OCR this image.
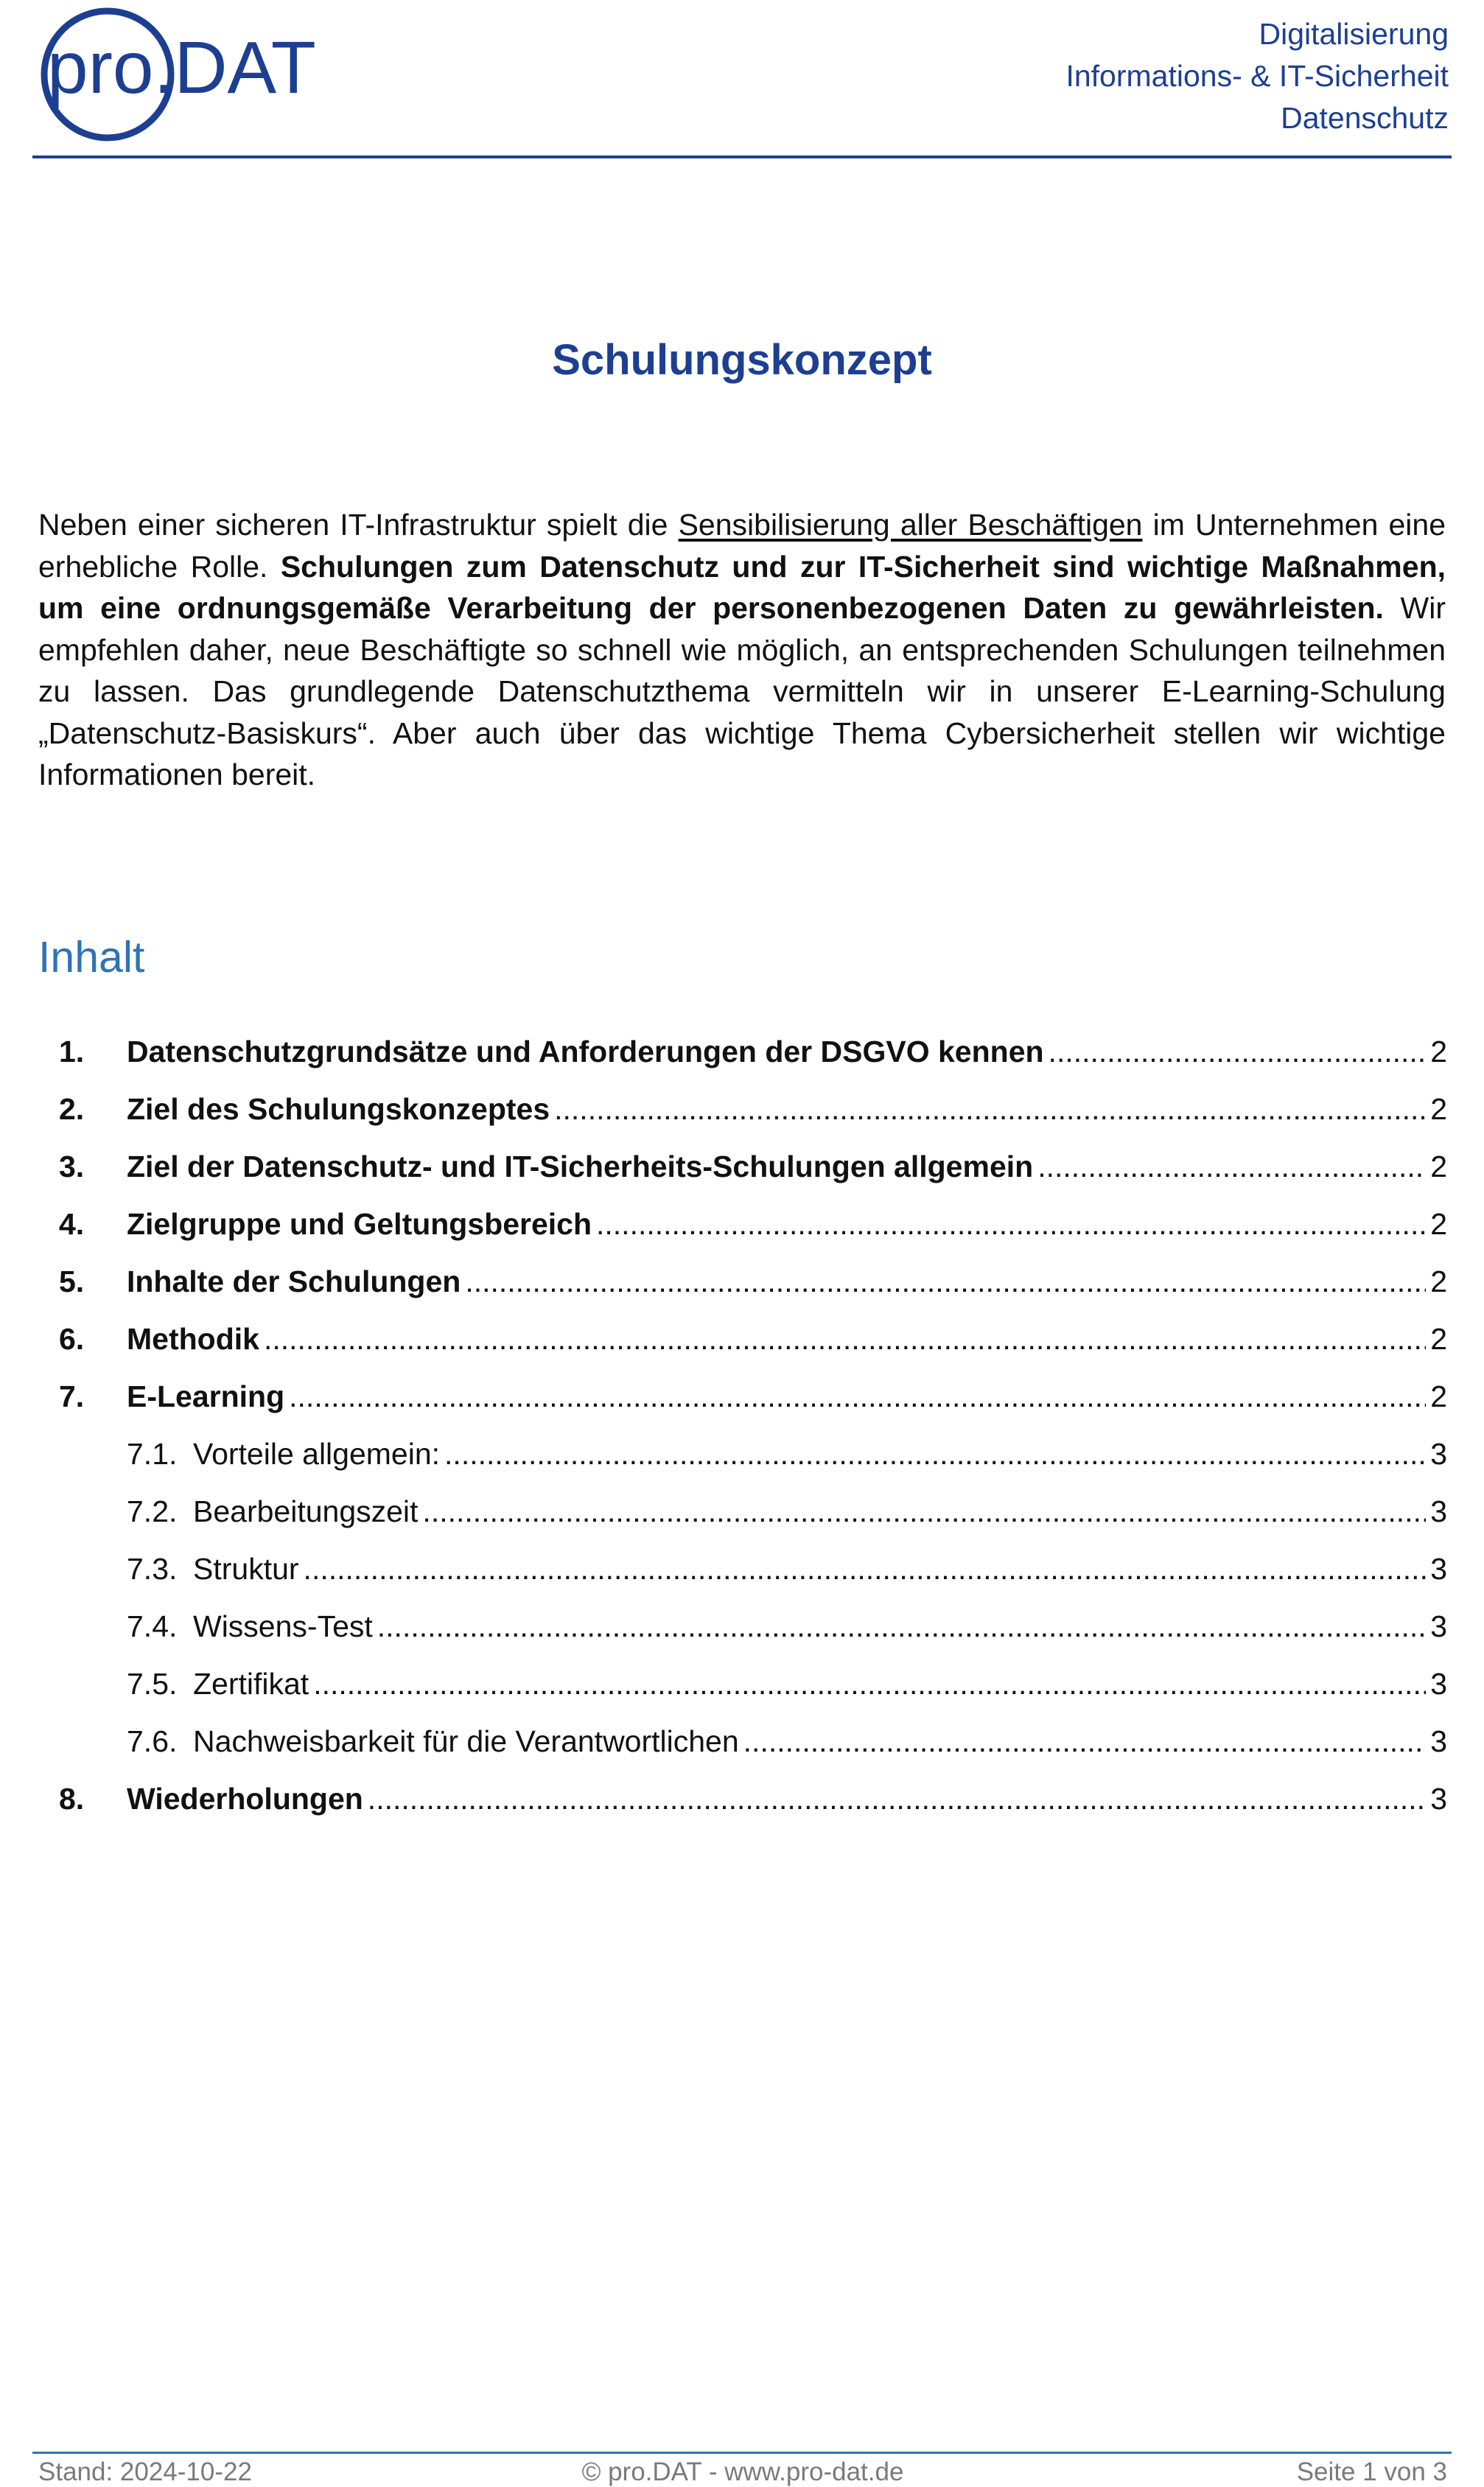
pro.DAT	Digitalisierung
Informations- & IT-Sicherheit
Datenschutz
Schulungskonzept

Neben einer sicheren IT-Infrastruktur spielt die Sensibilisierung aller Beschäftigen im Unternehmen eine erhebliche Rolle. Schulungen zum Datenschutz und zur IT-Sicherheit sind wichtige Maßnahmen, um eine ordnungsgemäße Verarbeitung der personenbezogenen Daten zu gewährleisten. Wir empfehlen daher, neue Beschäftigte so schnell wie möglich, an entsprechenden Schulungen teilnehmen zu lassen. Das grundlegende Datenschutzthema vermitteln wir in unserer E-Learning-Schulung „Datenschutz-Basiskurs“. Aber auch über das wichtige Thema Cybersicherheit stellen wir wichtige Informationen bereit.

Inhalt
1.	Datenschutzgrundsätze und Anforderungen der DSGVO kennen .....	2
2.	Ziel des Schulungskonzeptes .....	2
3.	Ziel der Datenschutz- und IT-Sicherheits-Schulungen allgemein .....	2
4.	Zielgruppe und Geltungsbereich .....	2
5.	Inhalte der Schulungen .....	2
6.	Methodik .....	2
7.	E-Learning .....	2
7.1. Vorteile allgemein: .....	3
7.2. Bearbeitungszeit .....	3
7.3. Struktur .....	3
7.4. Wissens-Test .....	3
7.5. Zertifikat .....	3
7.6. Nachweisbarkeit für die Verantwortlichen .....	3
8.	Wiederholungen .....	3
Stand: 2024-10-22	© pro.DAT - www.pro-dat.de	Seite 1 von 3
